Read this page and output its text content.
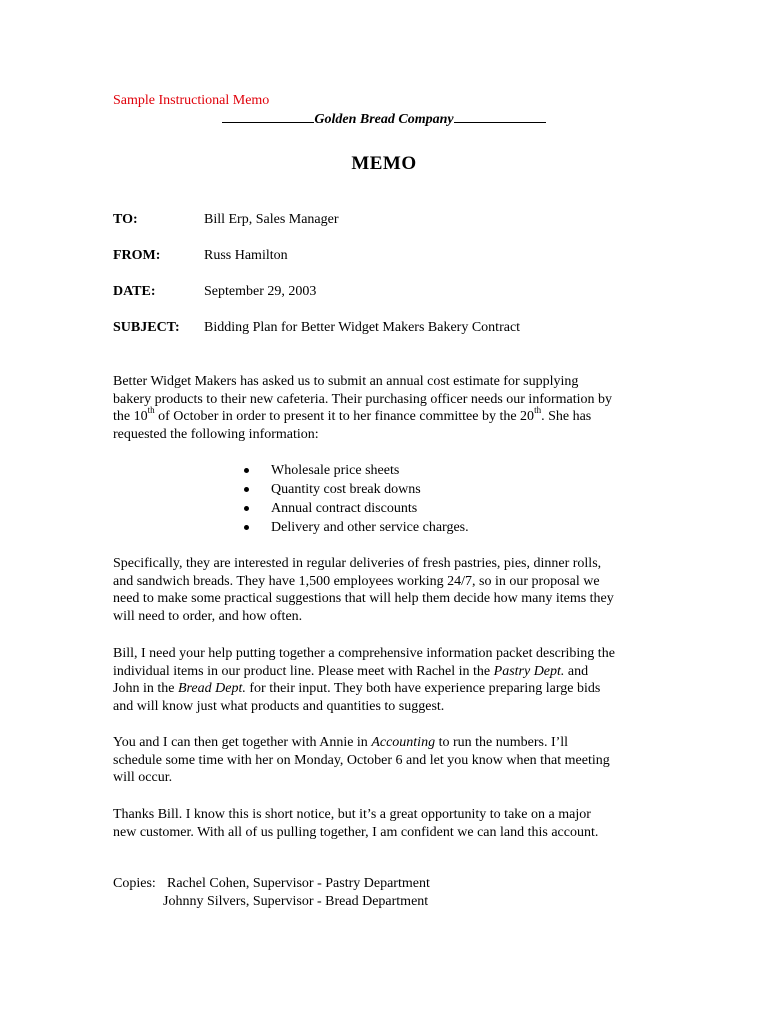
Sample Instructional Memo
Golden Bread Company
MEMO
TO:	Bill Erp, Sales Manager
FROM:	Russ Hamilton
DATE:	September 29, 2003
SUBJECT: Bidding Plan for Better Widget Makers Bakery Contract
Better Widget Makers has asked us to submit an annual cost estimate for supplying
bakery products to their new cafeteria. Their purchasing officer needs our information by
the 10th of October in order to present it to her finance committee by the 20th. She has
requested the following information:
Wholesale price sheets
Quantity cost break downs
Annual contract discounts
Delivery and other service charges.
Specifically, they are interested in regular deliveries of fresh pastries, pies, dinner rolls,
and sandwich breads. They have 1,500 employees working 24/7, so in our proposal we
need to make some practical suggestions that will help them decide how many items they
will need to order, and how often.
Bill, I need your help putting together a comprehensive information packet describing the
individual items in our product line. Please meet with Rachel in the Pastry Dept. and
John in the Bread Dept. for their input. They both have experience preparing large bids
and will know just what products and quantities to suggest.
You and I can then get together with Annie in Accounting to run the numbers. I’ll
schedule some time with her on Monday, October 6 and let you know when that meeting
will occur.
Thanks Bill. I know this is short notice, but it’s a great opportunity to take on a major
new customer. With all of us pulling together, I am confident we can land this account.
Copies: Rachel Cohen, Supervisor - Pastry Department
Johnny Silvers, Supervisor - Bread Department
